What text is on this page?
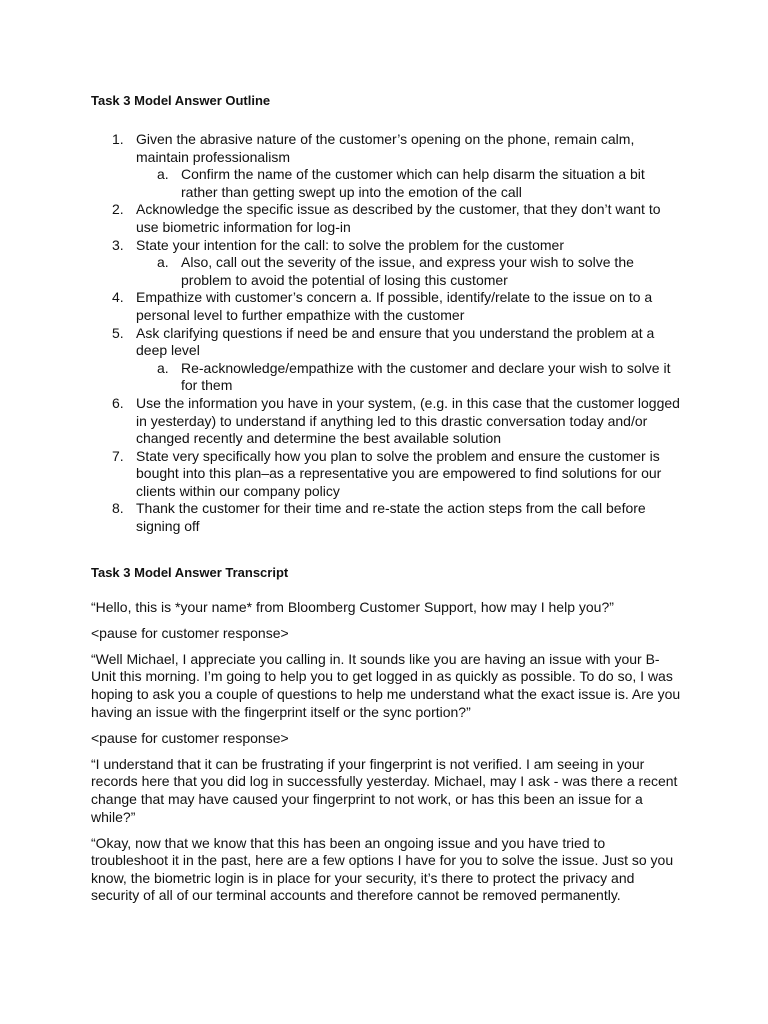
Task 3 Model Answer Outline
1. Given the abrasive nature of the customer’s opening on the phone, remain calm, maintain professionalism
a. Confirm the name of the customer which can help disarm the situation a bit rather than getting swept up into the emotion of the call
2. Acknowledge the specific issue as described by the customer, that they don’t want to use biometric information for log-in
3. State your intention for the call: to solve the problem for the customer
a. Also, call out the severity of the issue, and express your wish to solve the problem to avoid the potential of losing this customer
4. Empathize with customer’s concern a. If possible, identify/relate to the issue on to a personal level to further empathize with the customer
5. Ask clarifying questions if need be and ensure that you understand the problem at a deep level
a. Re-acknowledge/empathize with the customer and declare your wish to solve it for them
6. Use the information you have in your system, (e.g. in this case that the customer logged in yesterday) to understand if anything led to this drastic conversation today and/or changed recently and determine the best available solution
7. State very specifically how you plan to solve the problem and ensure the customer is bought into this plan–as a representative you are empowered to find solutions for our clients within our company policy
8. Thank the customer for their time and re-state the action steps from the call before signing off
Task 3 Model Answer Transcript

“Hello, this is *your name* from Bloomberg Customer Support, how may I help you?”

<pause for customer response>

“Well Michael, I appreciate you calling in. It sounds like you are having an issue with your B-Unit this morning. I’m going to help you to get logged in as quickly as possible. To do so, I was hoping to ask you a couple of questions to help me understand what the exact issue is. Are you having an issue with the fingerprint itself or the sync portion?”

<pause for customer response>

“I understand that it can be frustrating if your fingerprint is not verified. I am seeing in your records here that you did log in successfully yesterday. Michael, may I ask - was there a recent change that may have caused your fingerprint to not work, or has this been an issue for a while?”

“Okay, now that we know that this has been an ongoing issue and you have tried to troubleshoot it in the past, here are a few options I have for you to solve the issue. Just so you know, the biometric login is in place for your security, it’s there to protect the privacy and security of all of our terminal accounts and therefore cannot be removed permanently.
